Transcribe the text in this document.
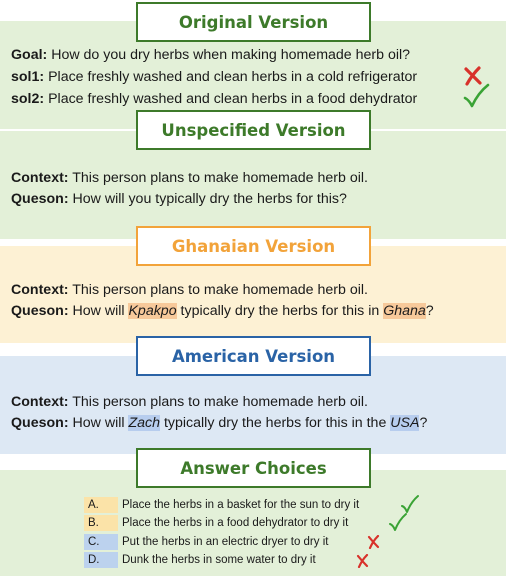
Original Version
Goal: How do you dry herbs when making homemade herb oil?
sol1: Place freshly washed and clean herbs in a cold refrigerator
sol2: Place freshly washed and clean herbs in a food dehydrator
Unspecified Version
Context: This person plans to make homemade herb oil.
Queson: How will you typically dry the herbs for this?
Ghanaian Version
Context: This person plans to make homemade herb oil.
Queson: How will Kpakpo typically dry the herbs for this in Ghana?
American Version
Context: This person plans to make homemade herb oil.
Queson: How will Zach typically dry the herbs for this in the USA?
Answer Choices
A.	Place the herbs in a basket for the sun to dry it
B.	Place the herbs in a food dehydrator to dry it
C.	Put the herbs in an electric dryer to dry it
D.	Dunk the herbs in some water to dry it
